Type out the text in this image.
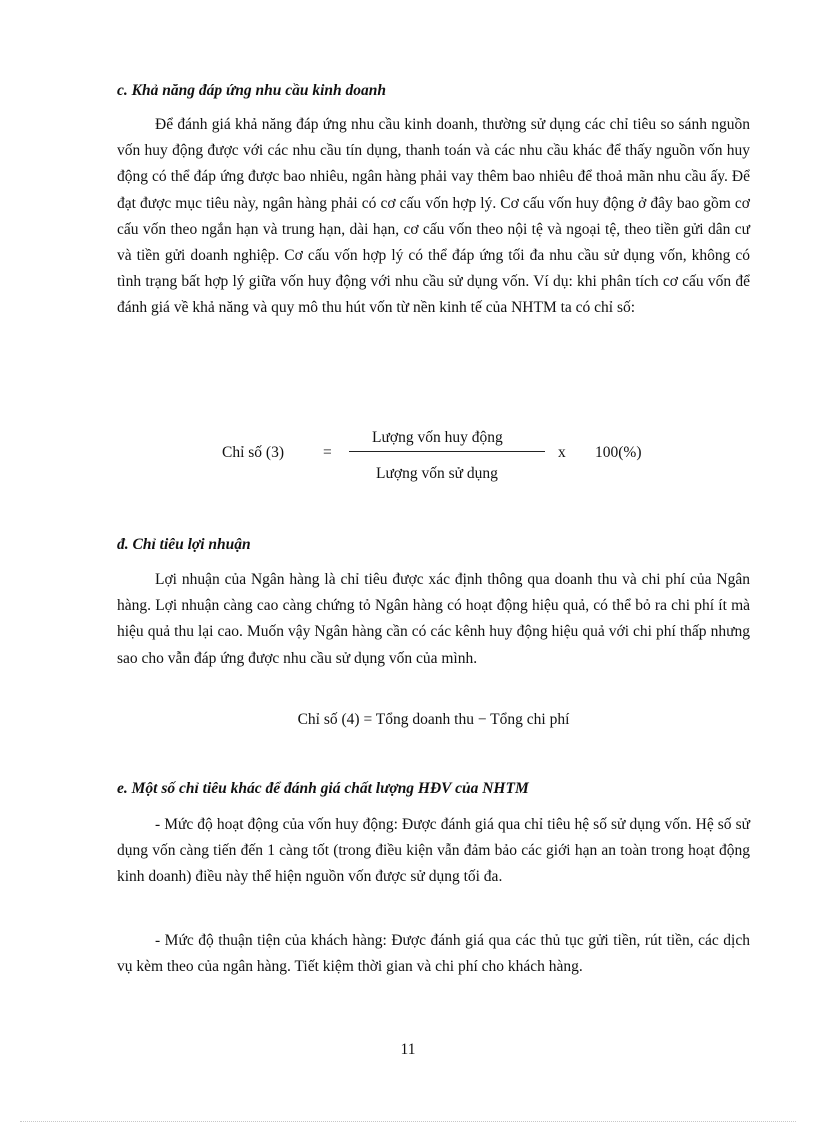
c. Khả năng đáp ứng nhu cầu kinh doanh

Để đánh giá khả năng đáp ứng nhu cầu kinh doanh, thường sử dụng các chỉ tiêu so sánh nguồn vốn huy động được với các nhu cầu tín dụng, thanh toán và các nhu cầu khác để thấy nguồn vốn huy động có thể đáp ứng được bao nhiêu, ngân hàng phải vay thêm bao nhiêu để thoả mãn nhu cầu ấy. Để đạt được mục tiêu này, ngân hàng phải có cơ cấu vốn hợp lý. Cơ cấu vốn huy động ở đây bao gồm cơ cấu vốn theo ngắn hạn và trung hạn, dài hạn, cơ cấu vốn theo nội tệ và ngoại tệ, theo tiền gửi dân cư và tiền gửi doanh nghiệp. Cơ cấu vốn hợp lý có thể đáp ứng tối đa nhu cầu sử dụng vốn, không có tình trạng bất hợp lý giữa vốn huy động với nhu cầu sử dụng vốn. Ví dụ: khi phân tích cơ cấu vốn để đánh giá về khả năng và quy mô thu hút vốn từ nền kinh tế của NHTM ta có chỉ số:

Chỉ số (3)	=
Lượng vốn huy động
Lượng vốn sử dụng
x 100(%)
đ. Chỉ tiêu lợi nhuận

Lợi nhuận của Ngân hàng là chỉ tiêu được xác định thông qua doanh thu và chi phí của Ngân hàng. Lợi nhuận càng cao càng chứng tỏ Ngân hàng có hoạt động hiệu quả, có thể bỏ ra chi phí ít mà hiệu quả thu lại cao. Muốn vậy Ngân hàng cần có các kênh huy động hiệu quả với chi phí thấp nhưng sao cho vẫn đáp ứng được nhu cầu sử dụng vốn của mình.

Chỉ số (4) = Tổng doanh thu − Tổng chi phí
e. Một số chỉ tiêu khác để đánh giá chất lượng HĐV của NHTM

- Mức độ hoạt động của vốn huy động: Được đánh giá qua chỉ tiêu hệ số sử dụng vốn. Hệ số sử dụng vốn càng tiến đến 1 càng tốt (trong điều kiện vẫn đảm bảo các giới hạn an toàn trong hoạt động kinh doanh) điều này thể hiện nguồn vốn được sử dụng tối đa.

- Mức độ thuận tiện của khách hàng: Được đánh giá qua các thủ tục gửi tiền, rút tiền, các dịch vụ kèm theo của ngân hàng. Tiết kiệm thời gian và chi phí cho khách hàng.

11
